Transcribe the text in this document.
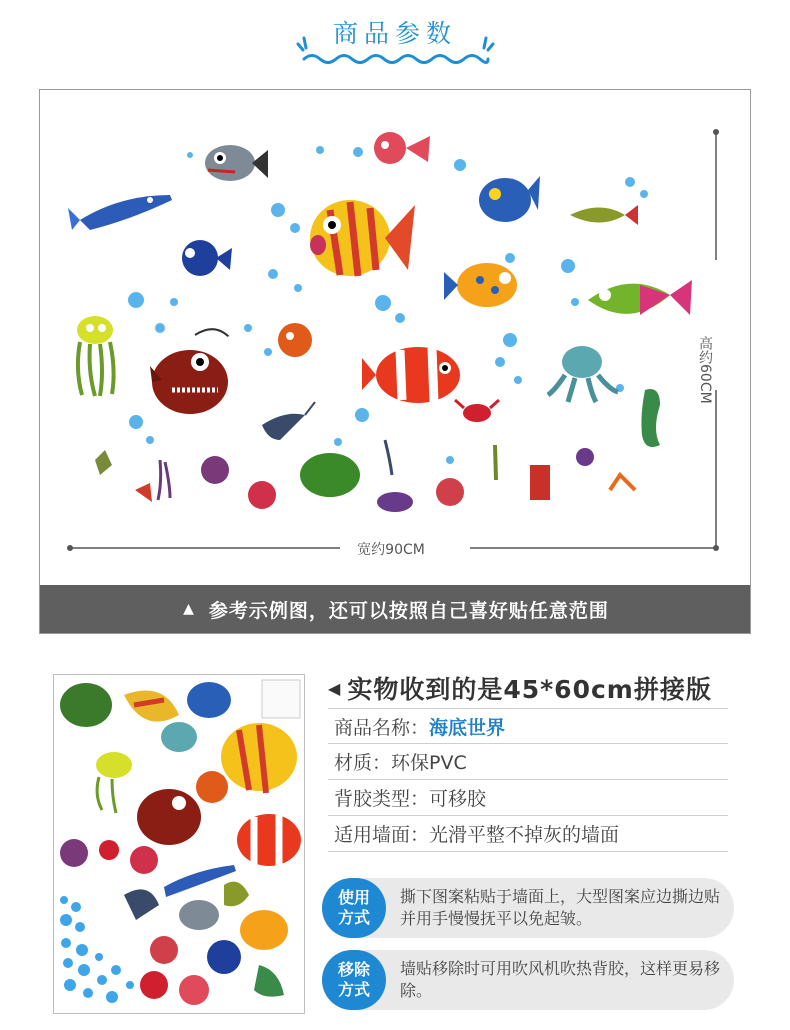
商品参数
宽约90CM
高约60CM
▲ 参考示例图，还可以按照自己喜好贴任意范围
◀ 实物收到的是45*60cm拼接版
商品名称： 海底世界
材质： 环保PVC
背胶类型： 可移胶
适用墙面： 光滑平整不掉灰的墙面
使用
方式
撕下图案粘贴于墙面上，大型图案应边撕边贴并用手慢慢抚平以免起皱。
移除
方式
墙贴移除时可用吹风机吹热背胶，这样更易移除。
